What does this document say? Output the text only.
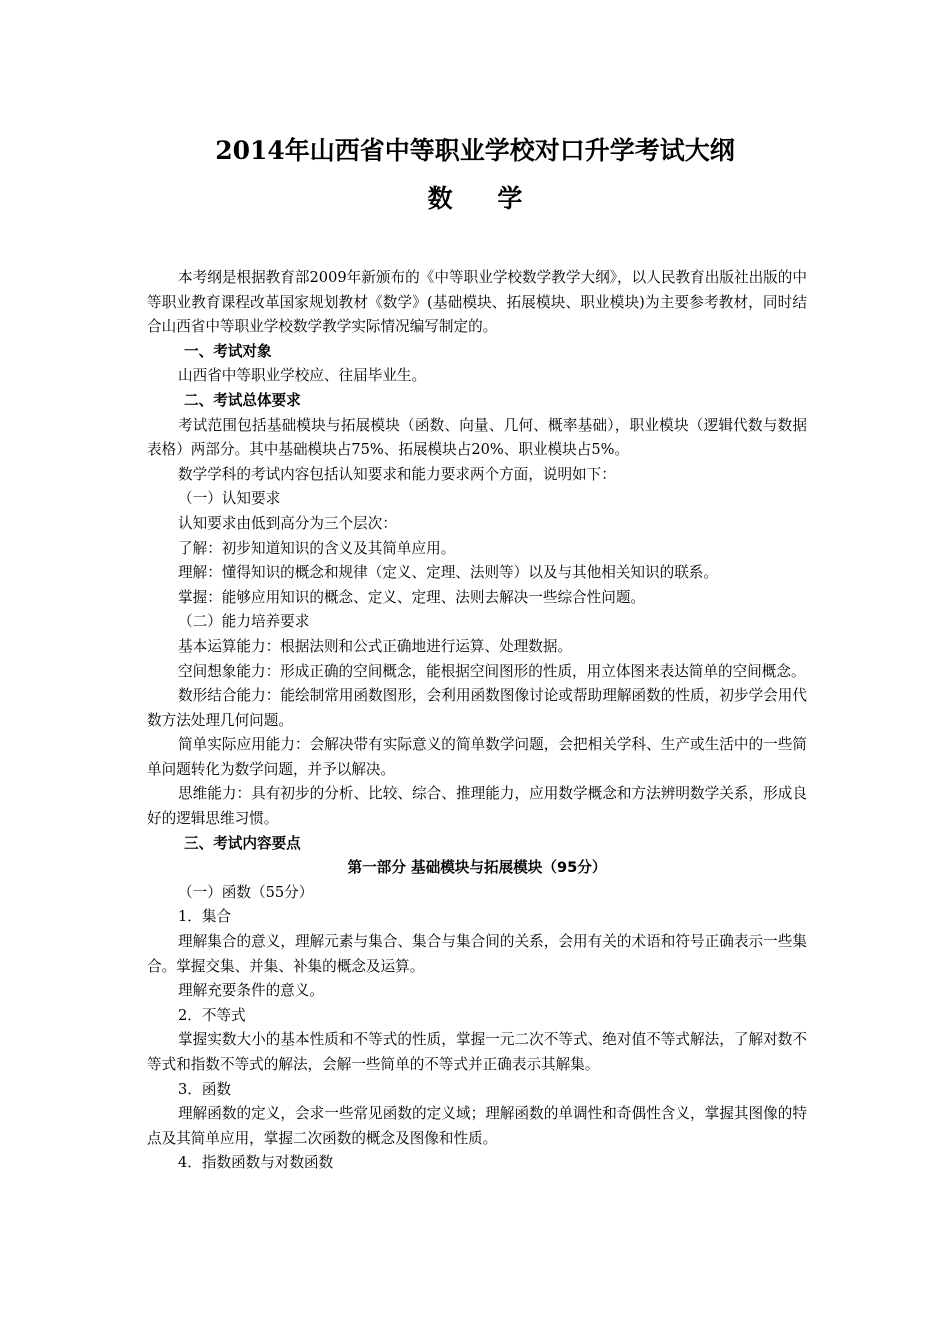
2014年山西省中等职业学校对口升学考试大纲
数 学

本考纲是根据教育部2009年新颁布的《中等职业学校数学教学大纲》，以人民教育出版社出版的中等职业教育课程改革国家规划教材《数学》(基础模块、拓展模块、职业模块)为主要参考教材，同时结合山西省中等职业学校数学教学实际情况编写制定的。

一、考试对象

山西省中等职业学校应、往届毕业生。

二、考试总体要求

考试范围包括基础模块与拓展模块（函数、向量、几何、概率基础），职业模块（逻辑代数与数据表格）两部分。其中基础模块占75%、拓展模块占20%、职业模块占5%。

数学学科的考试内容包括认知要求和能力要求两个方面，说明如下：

（一）认知要求

认知要求由低到高分为三个层次：

了解：初步知道知识的含义及其简单应用。

理解：懂得知识的概念和规律（定义、定理、法则等）以及与其他相关知识的联系。

掌握：能够应用知识的概念、定义、定理、法则去解决一些综合性问题。

（二）能力培养要求

基本运算能力：根据法则和公式正确地进行运算、处理数据。

空间想象能力：形成正确的空间概念，能根据空间图形的性质，用立体图来表达简单的空间概念。

数形结合能力：能绘制常用函数图形，会利用函数图像讨论或帮助理解函数的性质，初步学会用代数方法处理几何问题。

简单实际应用能力：会解决带有实际意义的简单数学问题，会把相关学科、生产或生活中的一些简单问题转化为数学问题，并予以解决。

思维能力：具有初步的分析、比较、综合、推理能力，应用数学概念和方法辨明数学关系，形成良好的逻辑思维习惯。

三、考试内容要点

第一部分 基础模块与拓展模块（95分）

（一）函数（55分）

1．集合

理解集合的意义，理解元素与集合、集合与集合间的关系，会用有关的术语和符号正确表示一些集合。掌握交集、并集、补集的概念及运算。

理解充要条件的意义。

2．不等式

掌握实数大小的基本性质和不等式的性质，掌握一元二次不等式、绝对值不等式解法，了解对数不等式和指数不等式的解法，会解一些简单的不等式并正确表示其解集。

3．函数

理解函数的定义，会求一些常见函数的定义域；理解函数的单调性和奇偶性含义，掌握其图像的特点及其简单应用，掌握二次函数的概念及图像和性质。

4．指数函数与对数函数
